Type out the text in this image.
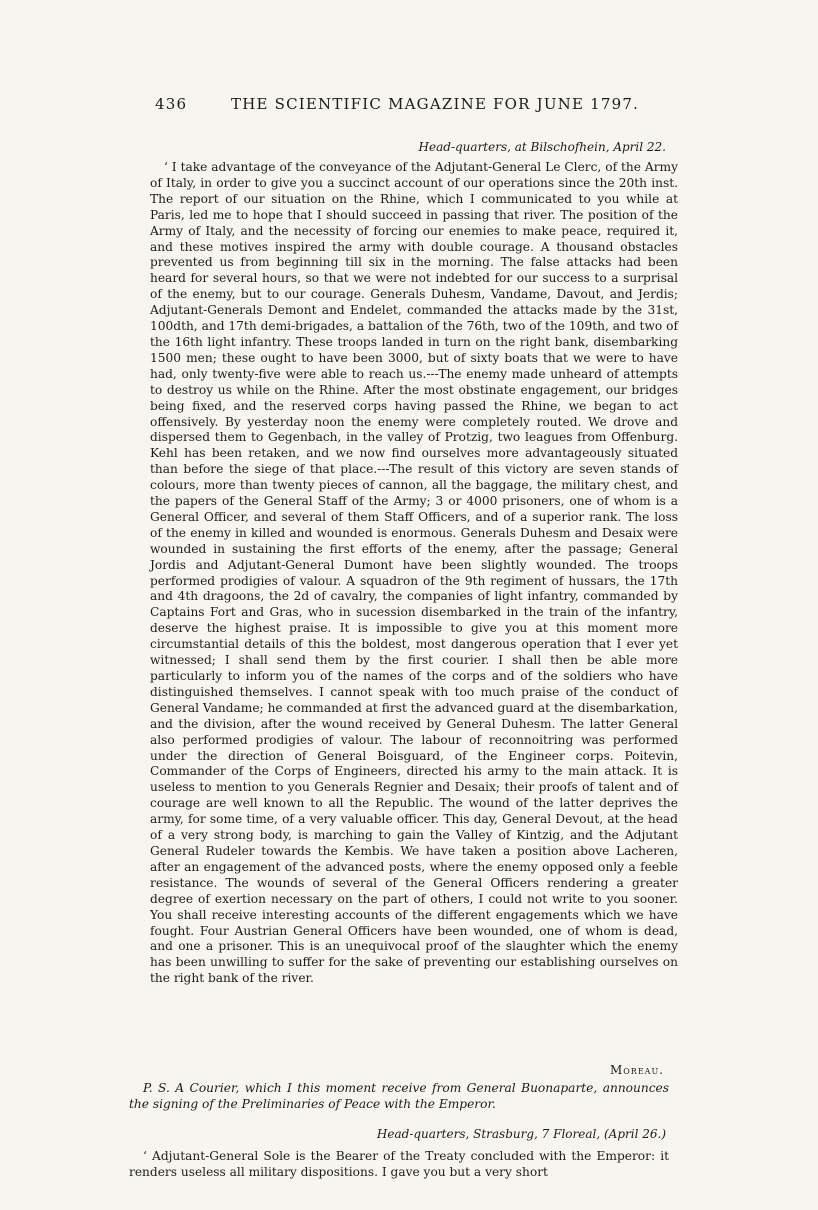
436	THE SCIENTIFIC MAGAZINE FOR JUNE 1797.
Head-quarters, at Bilschofhein, April 22.

‘ I take advantage of the conveyance of the Adjutant-General Le Clerc, of the Army of Italy, in order to give you a succinct account of our operations since the 20th inst. The report of our situation on the Rhine, which I communicated to you while at Paris, led me to hope that I should succeed in passing that river. The position of the Army of Italy, and the necessity of forcing our enemies to make peace, required it, and these motives inspired the army with double courage. A thousand obstacles prevented us from beginning till six in the morning. The false attacks had been heard for several hours, so that we were not indebted for our success to a surprisal of the enemy, but to our courage. Generals Duhesm, Vandame, Davout, and Jerdis; Adjutant-Generals Demont and Endelet, commanded the attacks made by the 31st, 100dth, and 17th demi-brigades, a battalion of the 76th, two of the 109th, and two of the 16th light infantry. These troops landed in turn on the right bank, disembarking 1500 men; these ought to have been 3000, but of sixty boats that we were to have had, only twenty-five were able to reach us.---The enemy made unheard of attempts to destroy us while on the Rhine. After the most obstinate engagement, our bridges being fixed, and the reserved corps having passed the Rhine, we began to act offensively. By yesterday noon the enemy were completely routed. We drove and dispersed them to Gegenbach, in the valley of Protzig, two leagues from Offenburg. Kehl has been retaken, and we now find ourselves more advantageously situated than before the siege of that place.---The result of this victory are seven stands of colours, more than twenty pieces of cannon, all the baggage, the military chest, and the papers of the General Staff of the Army; 3 or 4000 prisoners, one of whom is a General Officer, and several of them Staff Officers, and of a superior rank. The loss of the enemy in killed and wounded is enormous. Generals Duhesm and Desaix were wounded in sustaining the first efforts of the enemy, after the passage; General Jordis and Adjutant-General Dumont have been slightly wounded. The troops performed prodigies of valour. A squadron of the 9th regiment of hussars, the 17th and 4th dragoons, the 2d of cavalry, the companies of light infantry, commanded by Captains Fort and Gras, who in sucession disembarked in the train of the infantry, deserve the highest praise. It is impossible to give you at this moment more circumstantial details of this the boldest, most dangerous operation that I ever yet witnessed; I shall send them by the first courier. I shall then be able more particularly to inform you of the names of the corps and of the soldiers who have distinguished themselves. I cannot speak with too much praise of the conduct of General Vandame; he commanded at first the advanced guard at the disembarkation, and the division, after the wound received by General Duhesm. The latter General also performed prodigies of valour. The labour of reconnoitring was performed under the direction of General Boisguard, of the Engineer corps. Poitevin, Commander of the Corps of Engineers, directed his army to the main attack. It is useless to mention to you Generals Regnier and Desaix; their proofs of talent and of courage are well known to all the Republic. The wound of the latter deprives the army, for some time, of a very valuable officer. This day, General Devout, at the head of a very strong body, is marching to gain the Valley of Kintzig, and the Adjutant General Rudeler towards the Kembis. We have taken a position above Lacheren, after an engagement of the advanced posts, where the enemy opposed only a feeble resistance. The wounds of several of the General Officers rendering a greater degree of exertion necessary on the part of others, I could not write to you sooner. You shall receive interesting accounts of the different engagements which we have fought. Four Austrian General Officers have been wounded, one of whom is dead, and one a prisoner. This is an unequivocal proof of the slaughter which the enemy has been unwilling to suffer for the sake of preventing our establishing ourselves on the right bank of the river.

Moreau.

P. S. A Courier, which I this moment receive from General Buonaparte, announces the signing of the Preliminaries of Peace with the Emperor.

Head-quarters, Strasburg, 7 Floreal, (April 26.)

‘ Adjutant-General Sole is the Bearer of the Treaty concluded with the Emperor: it renders useless all military dispositions. I gave you but a very short
